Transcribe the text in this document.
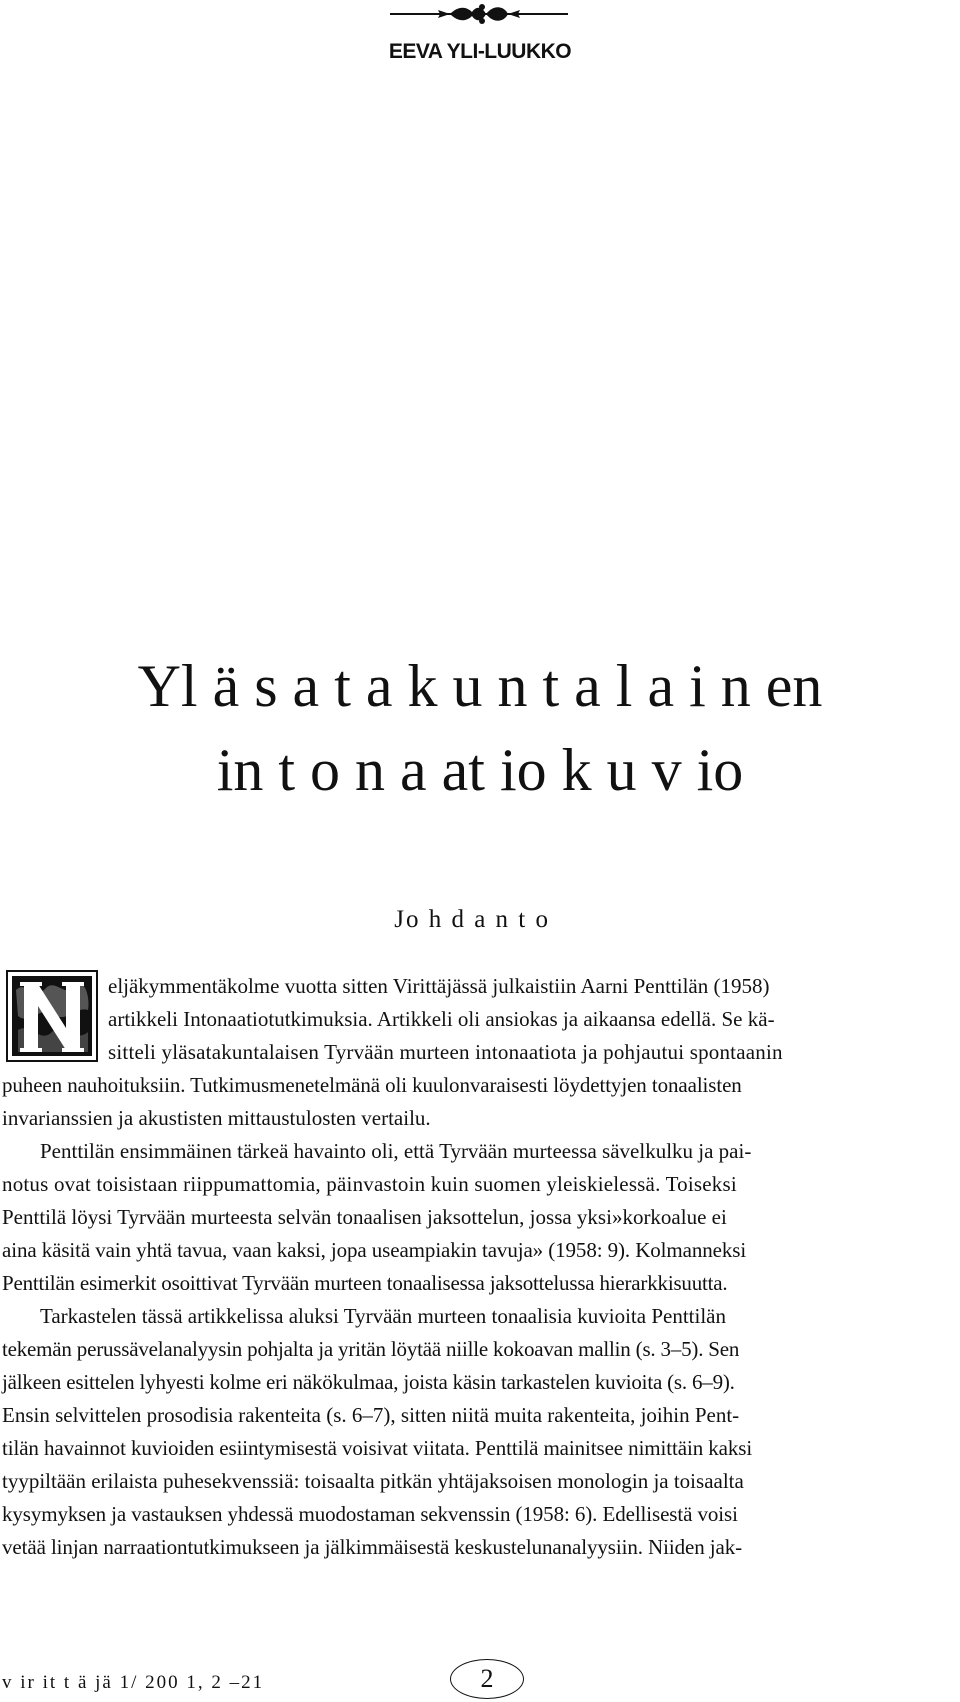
EEVA YLI-LUUKKO
Yl ä s a t a k u n t a l a i n en
in t o n a at io k u v io
Jo h d a n t o
eljäkymmentäkolme vuotta sitten Virittäjässä julkaistiin Aarni Penttilän (1958)
artikkeli Intonaatiotutkimuksia. Artikkeli oli ansiokas ja aikaansa edellä. Se kä-
sitteli yläsatakuntalaisen Tyrvään murteen intonaatiota ja pohjautui spontaanin
puheen nauhoituksiin. Tutkimusmenetelmänä oli kuulonvaraisesti löydettyjen tonaalisten
invarianssien ja akustisten mittaustulosten vertailu.
Penttilän ensimmäinen tärkeä havainto oli, että Tyrvään murteessa sävelkulku ja pai-
notus ovat toisistaan riippumattomia, päinvastoin kuin suomen yleiskielessä. Toiseksi
Penttilä löysi Tyrvään murteesta selvän tonaalisen jaksottelun, jossa yksi»korkoalue ei
aina käsitä vain yhtä tavua, vaan kaksi, jopa useampiakin tavuja» (1958: 9). Kolmanneksi
Penttilän esimerkit osoittivat Tyrvään murteen tonaalisessa jaksottelussa hierarkkisuutta.
Tarkastelen tässä artikkelissa aluksi Tyrvään murteen tonaalisia kuvioita Penttilän
tekemän perussävelanalyysin pohjalta ja yritän löytää niille kokoavan mallin (s. 3–5). Sen
jälkeen esittelen lyhyesti kolme eri näkökulmaa, joista käsin tarkastelen kuvioita (s. 6–9).
Ensin selvittelen prosodisia rakenteita (s. 6–7), sitten niitä muita rakenteita, joihin Pent-
tilän havainnot kuvioiden esiintymisestä voisivat viitata. Penttilä mainitsee nimittäin kaksi
tyypiltään erilaista puhesekvenssiä: toisaalta pitkän yhtäjaksoisen monologin ja toisaalta
kysymyksen ja vastauksen yhdessä muodostaman sekvenssin (1958: 6). Edellisestä voisi
vetää linjan narraationtutkimukseen ja jälkimmäisestä keskustelunanalyysiin. Niiden jak-
v ir it t ä jä 1/ 200 1, 2 –21	2
